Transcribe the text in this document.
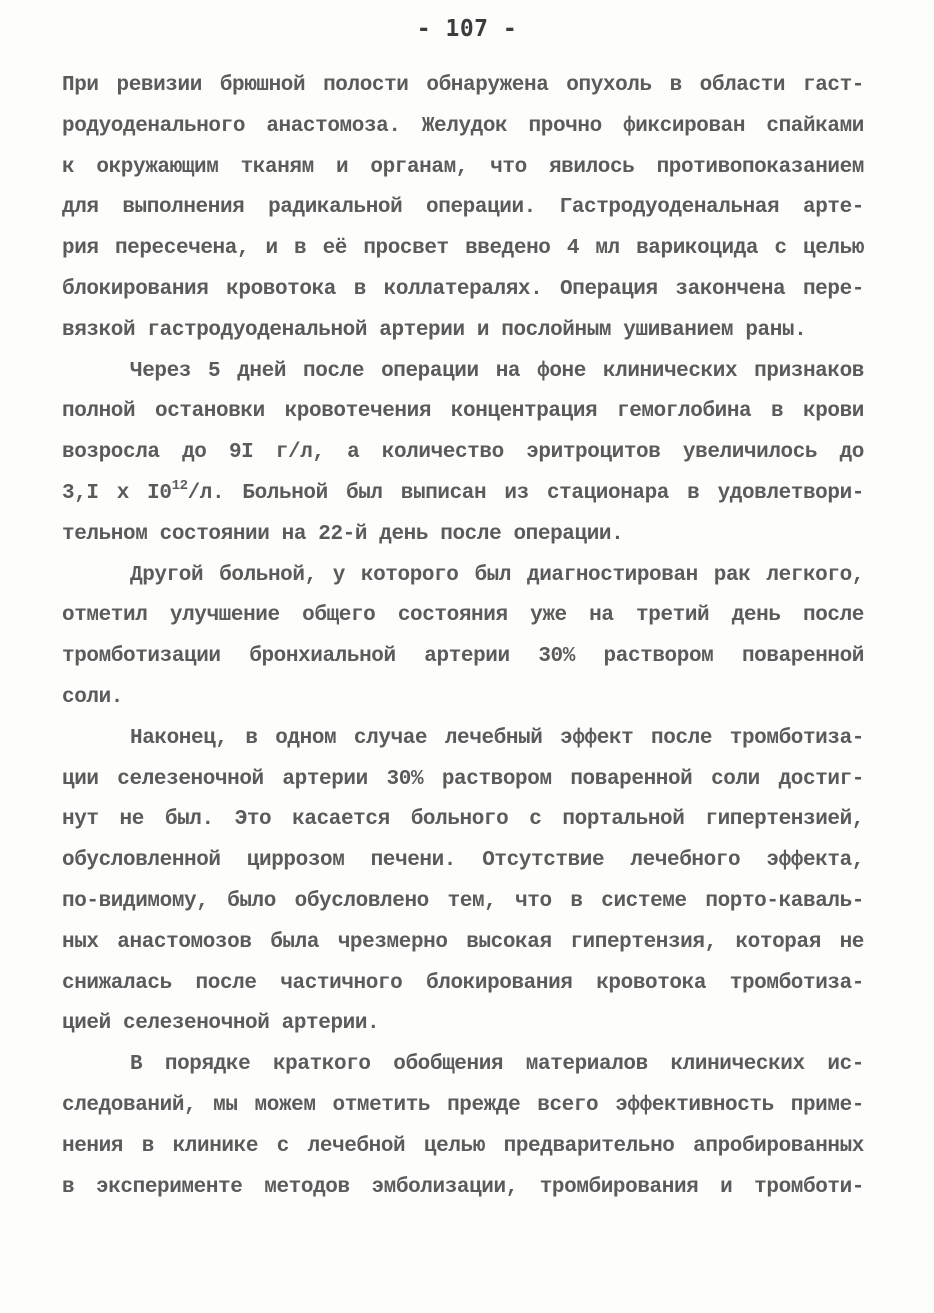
- 107 -
При ревизии брюшной полости обнаружена опухоль в области гаст-
родуоденального анастомоза. Желудок прочно фиксирован спайками
к окружающим тканям и органам, что явилось противопоказанием
для выполнения радикальной операции. Гастродуоденальная арте-
рия пересечена, и в её просвет введено 4 мл варикоцида с целью
блокирования кровотока в коллатералях. Операция закончена пере-
вязкой гастродуоденальной артерии и послойным ушиванием раны.
Через 5 дней после операции на фоне клинических признаков
полной остановки кровотечения концентрация гемоглобина в крови
возросла до 9I г/л, а количество эритроцитов увеличилось до
3,I х $I0^{12}/л$. Больной был выписан из стационара в удовлетвори-
тельном состоянии на 22-й день после операции.
Другой больной, у которого был диагностирован рак легкого,
отметил улучшение общего состояния уже на третий день после
тромботизации бронхиальной артерии 30% раствором поваренной
соли.
Наконец, в одном случае лечебный эффект после тромботиза-
ции селезеночной артерии 30% раствором поваренной соли достиг-
нут не был. Это касается больного с портальной гипертензией,
обусловленной циррозом печени. Отсутствие лечебного эффекта,
по-видимому, было обусловлено тем, что в системе порто-каваль-
ных анастомозов была чрезмерно высокая гипертензия, которая не
снижалась после частичного блокирования кровотока тромботиза-
цией селезеночной артерии.
В порядке краткого обобщения материалов клинических ис-
следований, мы можем отметить прежде всего эффективность приме-
нения в клинике с лечебной целью предварительно апробированных
в эксперименте методов эмболизации, тромбирования и тромботи-
